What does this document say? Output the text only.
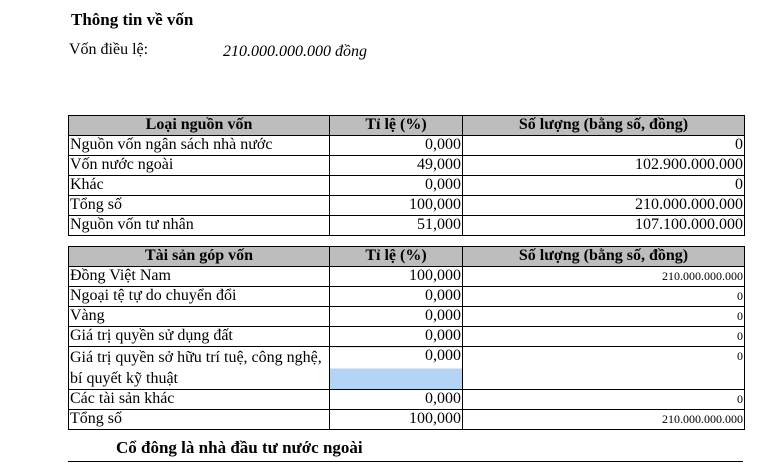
Thông tin về vốn
Vốn điều lệ:	210.000.000.000 đồng
Loại nguồn vốn	Tỉ lệ (%)	Số lượng (bằng số, đồng)
Nguồn vốn ngân sách nhà nước	0,000	0
Vốn nước ngoài	49,000	102.900.000.000
Khác	0,000	0
Tổng số	100,000	210.000.000.000
Nguồn vốn tư nhân	51,000	107.100.000.000
Tài sản góp vốn	Tỉ lệ (%)	Số lượng (bằng số, đồng)
Đồng Việt Nam	100,000	210.000.000.000
Ngoại tệ tự do chuyển đổi	0,000	0
Vàng	0,000	0
Giá trị quyền sử dụng đất	0,000	0
Giá trị quyền sở hữu trí tuệ, công nghệ, bí quyết kỹ thuật	0,000	0
Các tài sản khác	0,000	0
Tổng số	100,000	210.000.000.000
Cổ đông là nhà đầu tư nước ngoài
